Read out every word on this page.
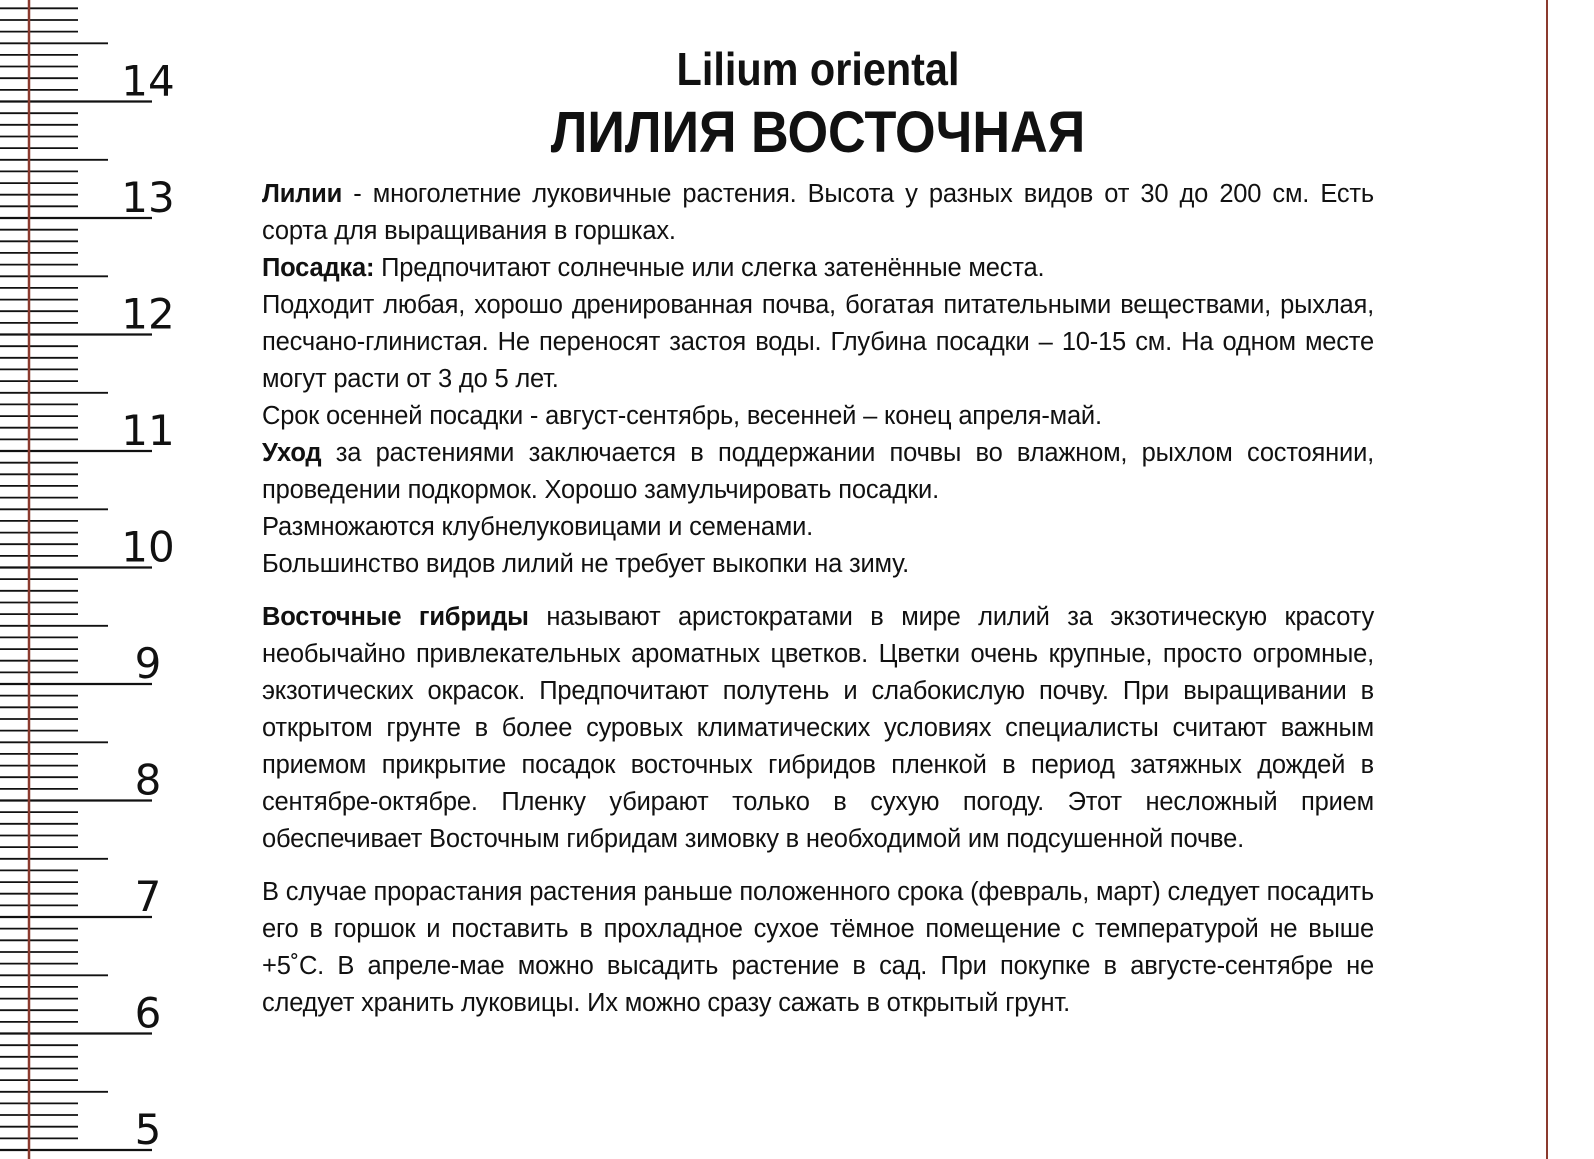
14
13
12
11
10
9
8
7
6
5
Lilium oriental
ЛИЛИЯ ВОСТОЧНАЯ

Лилии - многолетние луковичные растения. Высота у разных видов от 30 до 200 см. Есть сорта для выращивания в горшках.

Посадка: Предпочитают солнечные или слегка затенённые места.

Подходит любая, хорошо дренированная почва, богатая питательными веществами, рыхлая, песчано-глинистая. Не переносят застоя воды. Глубина посадки – 10-15 см. На одном месте могут расти от 3 до 5 лет.

Срок осенней посадки - август-сентябрь, весенней – конец апреля-май.

Уход за растениями заключается в поддержании почвы во влажном, рыхлом состоянии, проведении подкормок. Хорошо замульчировать посадки.

Размножаются клубнелуковицами и семенами.

Большинство видов лилий не требует выкопки на зиму.

Восточные гибриды называют аристократами в мире лилий за экзотическую красоту необычайно привлекательных ароматных цветков. Цветки очень крупные, просто огромные, экзотических окрасок. Предпочитают полутень и слабокислую почву. При выращивании в открытом грунте в более суровых климатических условиях специалисты считают важным приемом прикрытие посадок восточных гибридов пленкой в период затяжных дождей в сентябре-октябре. Пленку убирают только в сухую погоду. Этот несложный прием обеспечивает Восточным гибридам зимовку в необходимой им подсушенной почве.

В случае прорастания растения раньше положенного срока (февраль, март) следует посадить его в горшок и поставить в прохладное сухое тёмное помещение с температурой не выше +5˚С. В апреле-мае можно высадить растение в сад. При покупке в августе-сентябре не следует хранить луковицы. Их можно сразу сажать в открытый грунт.
